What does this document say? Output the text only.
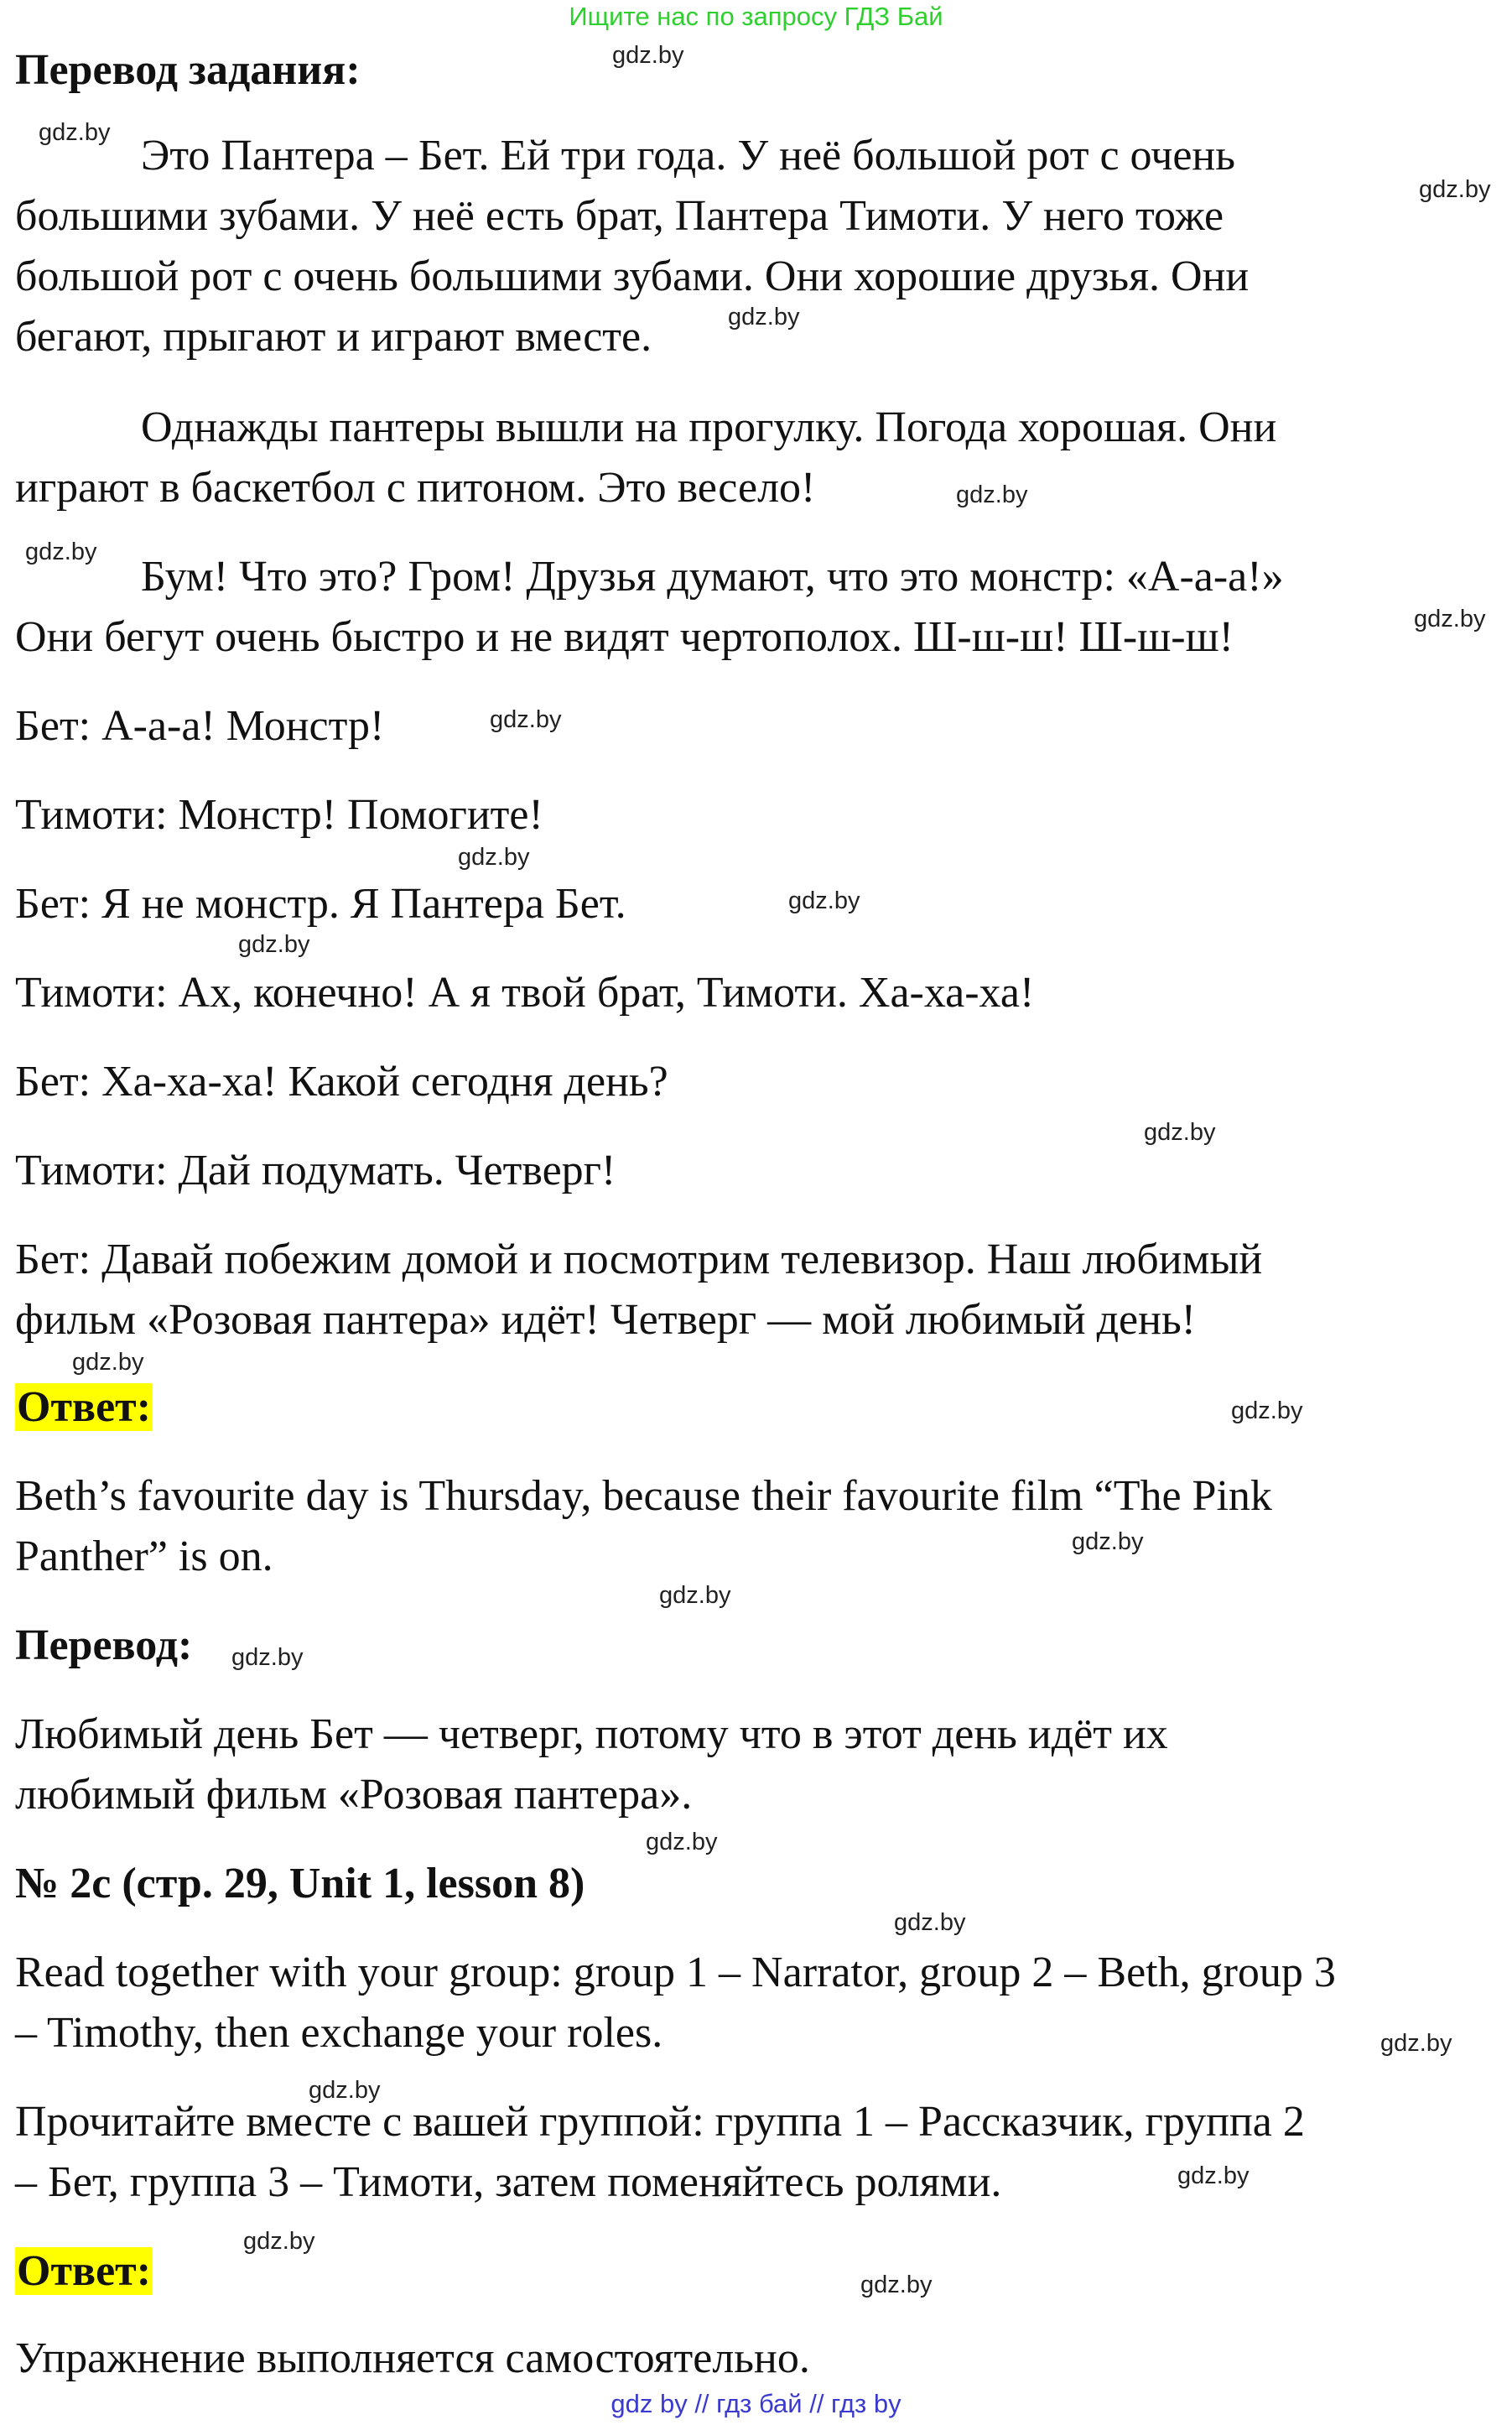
Ищите нас по запросу ГДЗ Бай
Перевод задания:
Это Пантера – Бет. Ей три года. У неё большой рот с очень
большими зубами. У неё есть брат, Пантера Тимоти. У него тоже
большой рот с очень большими зубами. Они хорошие друзья. Они
бегают, прыгают и играют вместе.
Однажды пантеры вышли на прогулку. Погода хорошая. Они
играют в баскетбол с питоном. Это весело!
Бум! Что это? Гром! Друзья думают, что это монстр: «А-а-а!»
Они бегут очень быстро и не видят чертополох. Ш-ш-ш! Ш-ш-ш!
Бет: А-а-а! Монстр!
Тимоти: Монстр! Помогите!
Бет: Я не монстр. Я Пантера Бет.
Тимоти: Ах, конечно! А я твой брат, Тимоти. Ха-ха-ха!
Бет: Ха-ха-ха! Какой сегодня день?
Тимоти: Дай подумать. Четверг!
Бет: Давай побежим домой и посмотрим телевизор. Наш любимый
фильм «Розовая пантера» идёт! Четверг — мой любимый день!
Ответ:
Beth’s favourite day is Thursday, because their favourite film “The Pink
Panther” is on.
Перевод:
Любимый день Бет — четверг, потому что в этот день идёт их
любимый фильм «Розовая пантера».
№ 2c (стр. 29, Unit 1, lesson 8)
Read together with your group: group 1 – Narrator, group 2 – Beth, group 3
– Timothy, then exchange your roles.
Прочитайте вместе с вашей группой: группа 1 – Рассказчик, группа 2
– Бет, группа 3 – Тимоти, затем поменяйтесь ролями.
Ответ:
Упражнение выполняется самостоятельно.
gdz.by
gdz.by
gdz.by
gdz.by
gdz.by
gdz.by
gdz.by
gdz.by
gdz.by
gdz.by
gdz.by
gdz.by
gdz.by
gdz.by
gdz.by
gdz.by
gdz.by
gdz.by
gdz.by
gdz.by
gdz.by
gdz.by
gdz.by
gdz.by
gdz by // гдз бай // гдз by
